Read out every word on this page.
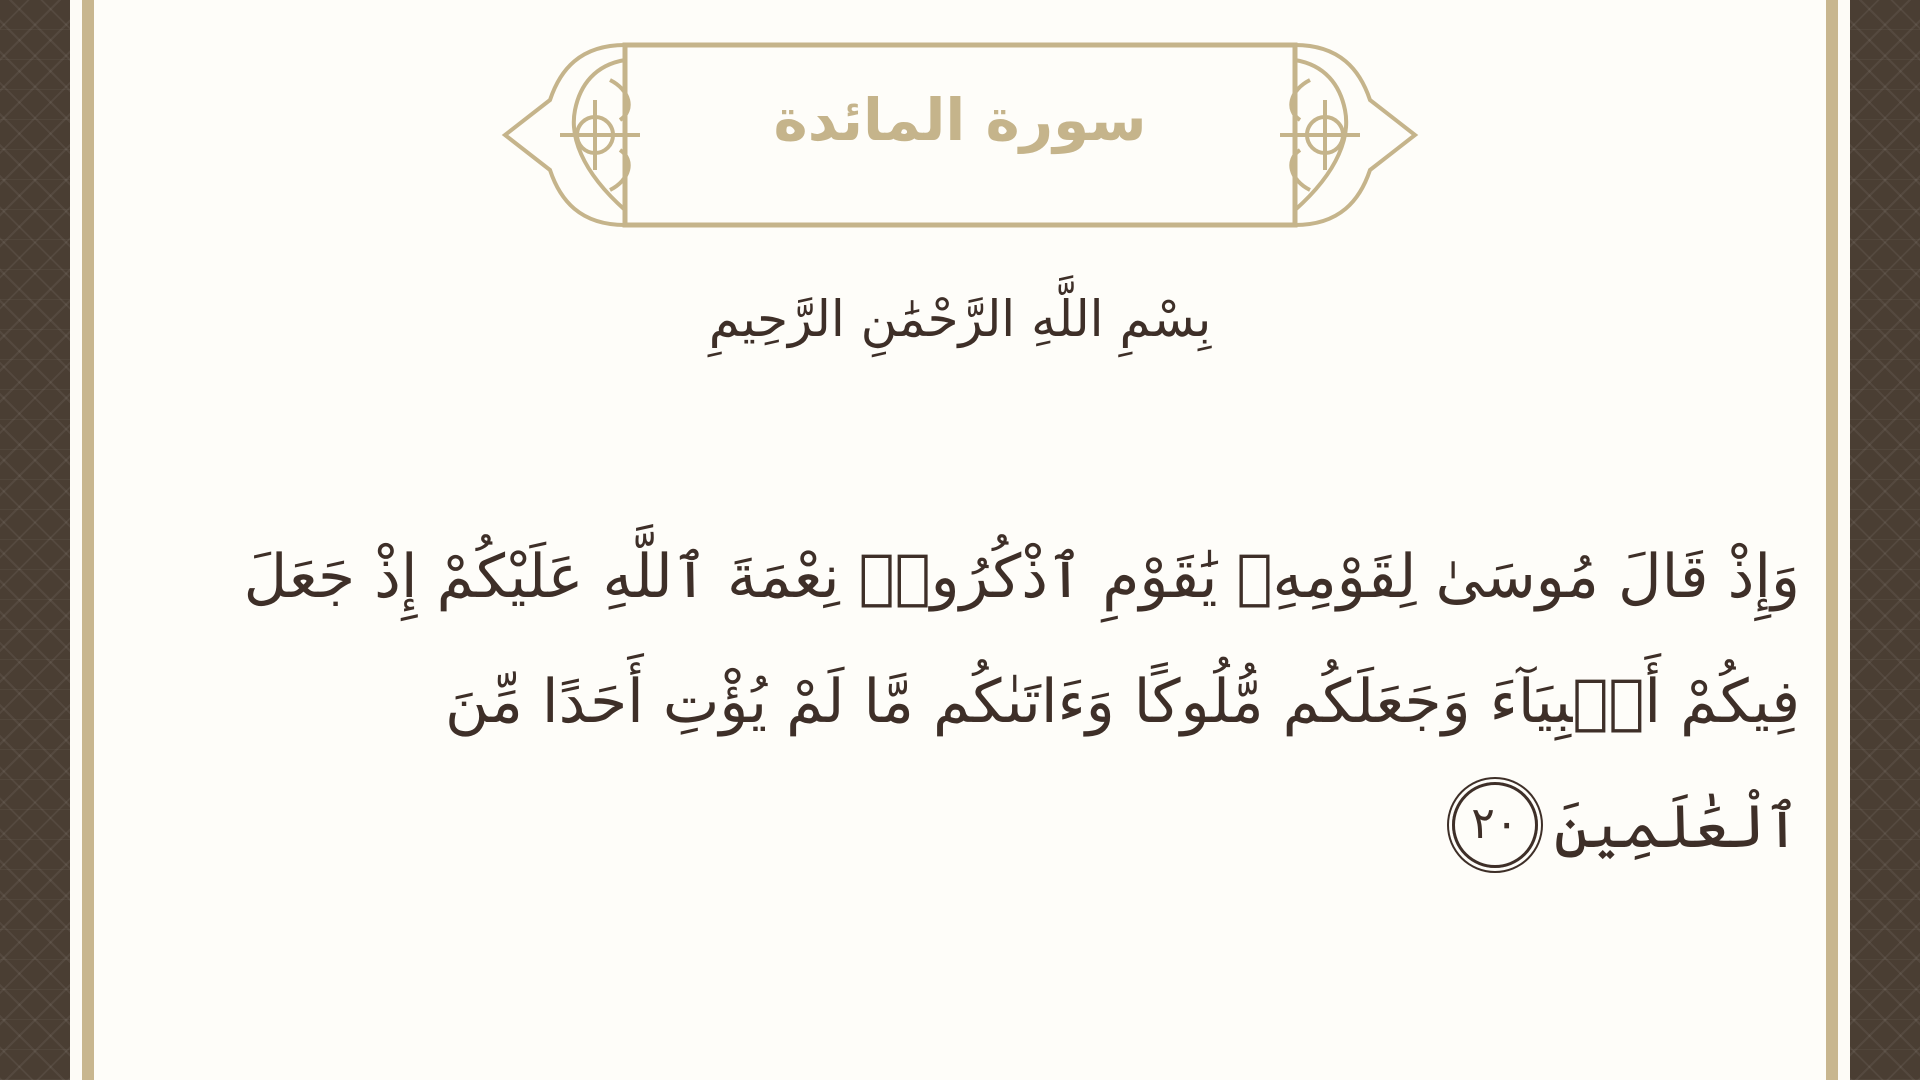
سورة المائدة
بِسْمِ اللَّهِ الرَّحْمَٰنِ الرَّحِيمِ
وَإِذْ قَالَ مُوسَىٰ لِقَوْمِهِۦ يَٰقَوْمِ ٱذْكُرُوا۟ نِعْمَةَ ٱللَّهِ عَلَيْكُمْ إِذْ جَعَلَ
فِيكُمْ أَنۢبِيَآءَ وَجَعَلَكُم مُّلُوكًا وَءَاتَىٰكُم مَّا لَمْ يُؤْتِ أَحَدًا مِّنَ
ٱلْعَٰلَمِينَ٢٠
